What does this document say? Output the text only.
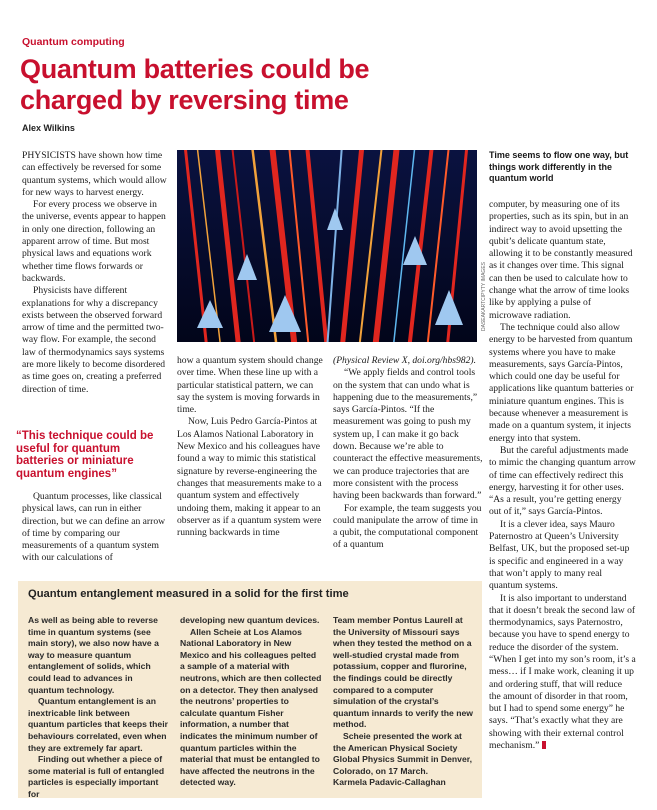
Quantum computing
Quantum batteries could be charged by reversing time
Alex Wilkins

PHYSICISTS have shown how time can effectively be reversed for some quantum systems, which would allow for new ways to harvest energy.

For every process we observe in the universe, events appear to happen in only one direction, following an apparent arrow of time. But most physical laws and equations work whether time flows forwards or backwards.

Physicists have different explanations for why a discrepancy exists between the observed forward arrow of time and the permitted two-way flow. For example, the second law of thermodynamics says systems are more likely to become disordered as time goes on, creating a preferred direction of time.

“This technique could be useful for quantum batteries or miniature quantum engines”

Quantum processes, like classical physical laws, can run in either direction, but we can define an arrow of time by comparing our measurements of a quantum system with our calculations of

DASEAKARTCIPYTY IMAGES
Time seems to flow one way, but things work differently in the quantum world

how a quantum system should change over time. When these line up with a particular statistical pattern, we can say the system is moving forwards in time.

Now, Luis Pedro García-Pintos at Los Alamos National Laboratory in New Mexico and his colleagues have found a way to mimic this statistical signature by reverse-engineering the changes that measurements make to a quantum system and effectively undoing them, making it appear to an observer as if a quantum system were running backwards in time

(Physical Review X, doi.org/hbs982).

“We apply fields and control tools on the system that can undo what is happening due to the measurements,” says García-Pintos. “If the measurement was going to push my system up, I can make it go back down. Because we’re able to counteract the effective measurements, we can produce trajectories that are more consistent with the process having been backwards than forward.”

For example, the team suggests you could manipulate the arrow of time in a qubit, the computational component of a quantum

computer, by measuring one of its properties, such as its spin, but in an indirect way to avoid upsetting the qubit’s delicate quantum state, allowing it to be constantly measured as it changes over time. This signal can then be used to calculate how to change what the arrow of time looks like by applying a pulse of microwave radiation.

The technique could also allow energy to be harvested from quantum systems where you have to make measurements, says García-Pintos, which could one day be useful for applications like quantum batteries or miniature quantum engines. This is because whenever a measurement is made on a quantum system, it injects energy into that system.

But the careful adjustments made to mimic the changing quantum arrow of time can effectively redirect this energy, harvesting it for other uses. “As a result, you’re getting energy out of it,” says García-Pintos.

It is a clever idea, says Mauro Paternostro at Queen’s University Belfast, UK, but the proposed set-up is specific and engineered in a way that won’t apply to many real quantum systems.

It is also important to understand that it doesn’t break the second law of thermodynamics, says Paternostro, because you have to spend energy to reduce the disorder of the system. “When I get into my son’s room, it’s a mess… if I make work, cleaning it up and ordering stuff, that will reduce the amount of disorder in that room, but I had to spend some energy” he says. “That’s exactly what they are showing with their external control mechanism.”

Quantum entanglement measured in a solid for the first time

As well as being able to reverse time in quantum systems (see main story), we also now have a way to measure quantum entanglement of solids, which could lead to advances in quantum technology.

Quantum entanglement is an inextricable link between quantum particles that keeps their behaviours correlated, even when they are extremely far apart.

Finding out whether a piece of some material is full of entangled particles is especially important for

developing new quantum devices.

Allen Scheie at Los Alamos National Laboratory in New Mexico and his colleagues pelted a sample of a material with neutrons, which are then collected on a detector. They then analysed the neutrons’ properties to calculate quantum Fisher information, a number that indicates the minimum number of quantum particles within the material that must be entangled to have affected the neutrons in the detected way.

Team member Pontus Laurell at the University of Missouri says when they tested the method on a well-studied crystal made from potassium, copper and flurorine, the findings could be directly compared to a computer simulation of the crystal’s quantum innards to verify the new method.

Scheie presented the work at the American Physical Society Global Physics Summit in Denver, Colorado, on 17 March.

Karmela Padavic-Callaghan
